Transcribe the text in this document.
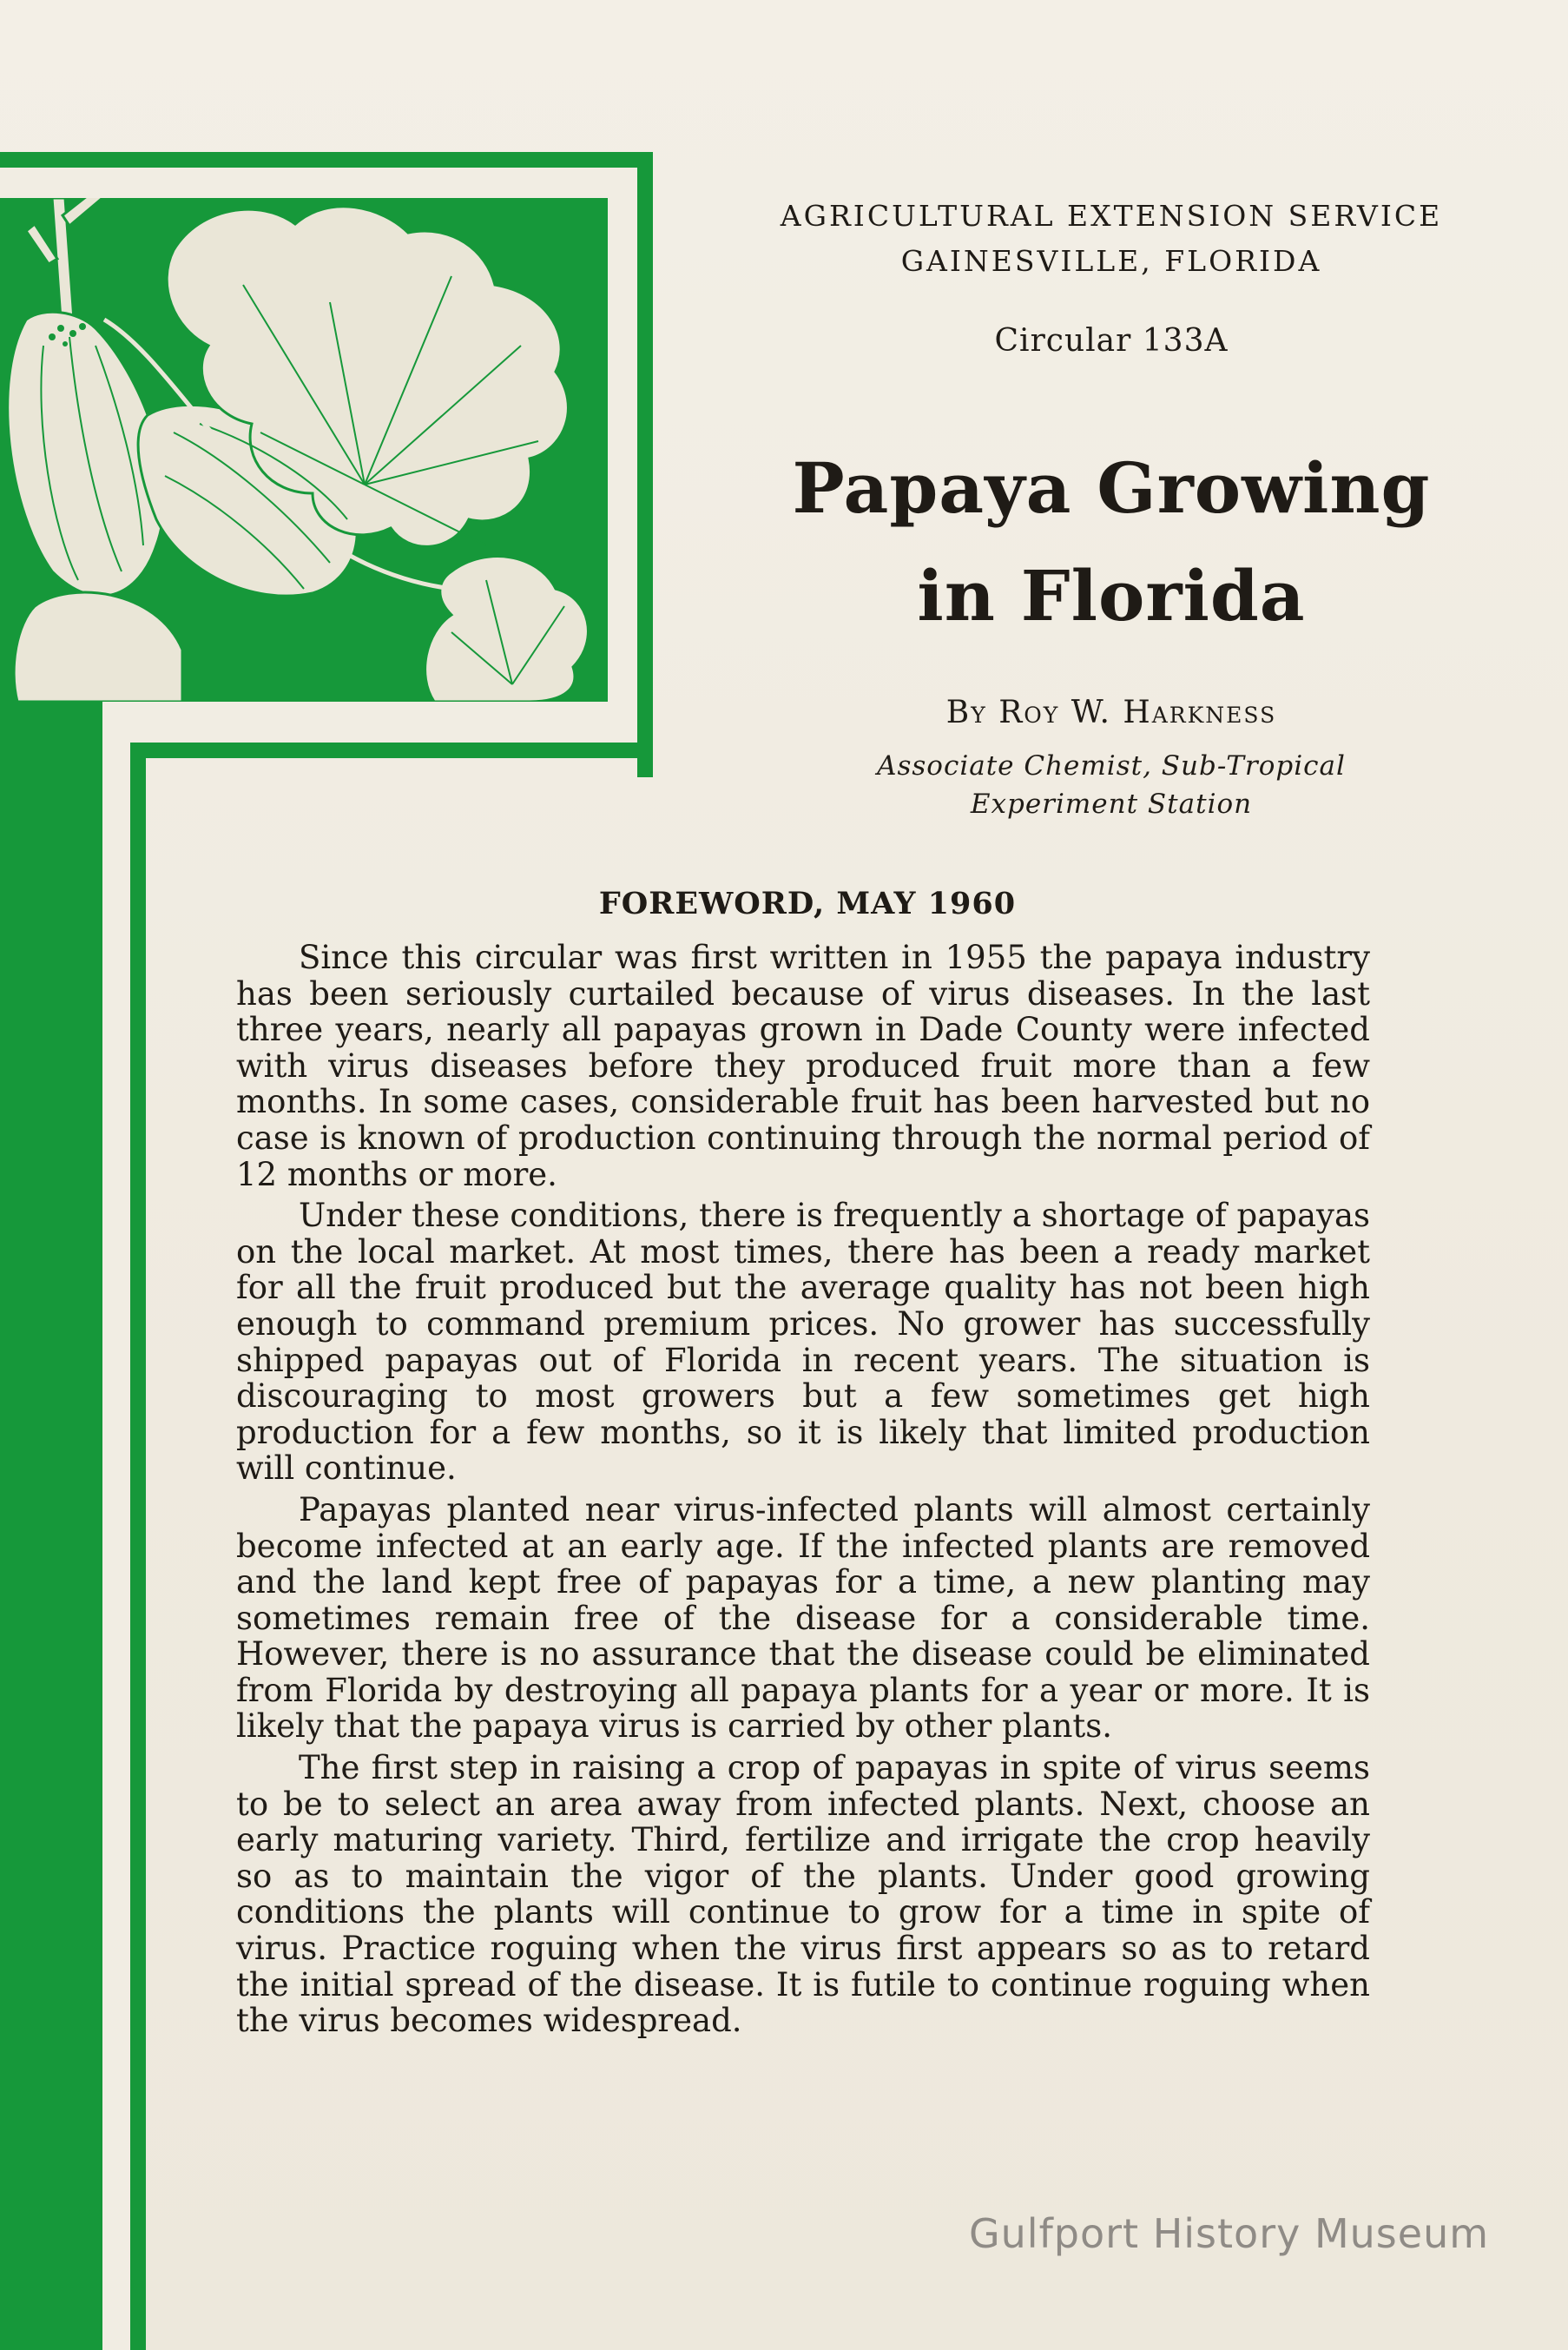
AGRICULTURAL EXTENSION SERVICE
GAINESVILLE, FLORIDA
Circular 133A
Papaya Growing
in Florida
By Roy W. Harkness
Associate Chemist, Sub-Tropical
Experiment Station
FOREWORD, MAY 1960

Since this circular was first written in 1955 the papaya industry has been seriously curtailed because of virus diseases. In the last three years, nearly all papayas grown in Dade County were infected with virus diseases before they produced fruit more than a few months. In some cases, considerable fruit has been harvested but no case is known of production continuing through the normal period of 12 months or more.

Under these conditions, there is frequently a shortage of papayas on the local market. At most times, there has been a ready market for all the fruit produced but the average quality has not been high enough to command premium prices. No grower has successfully shipped papayas out of Florida in recent years. The situation is discouraging to most growers but a few sometimes get high production for a few months, so it is likely that limited production will continue.

Papayas planted near virus-infected plants will almost certainly become infected at an early age. If the infected plants are removed and the land kept free of papayas for a time, a new planting may sometimes remain free of the disease for a considerable time. However, there is no assurance that the disease could be eliminated from Florida by destroying all papaya plants for a year or more. It is likely that the papaya virus is carried by other plants.

The first step in raising a crop of papayas in spite of virus seems to be to select an area away from infected plants. Next, choose an early maturing variety. Third, fertilize and irrigate the crop heavily so as to maintain the vigor of the plants. Under good growing conditions the plants will continue to grow for a time in spite of virus. Practice roguing when the virus first appears so as to retard the initial spread of the disease. It is futile to continue roguing when the virus becomes widespread.

Gulfport History Museum
